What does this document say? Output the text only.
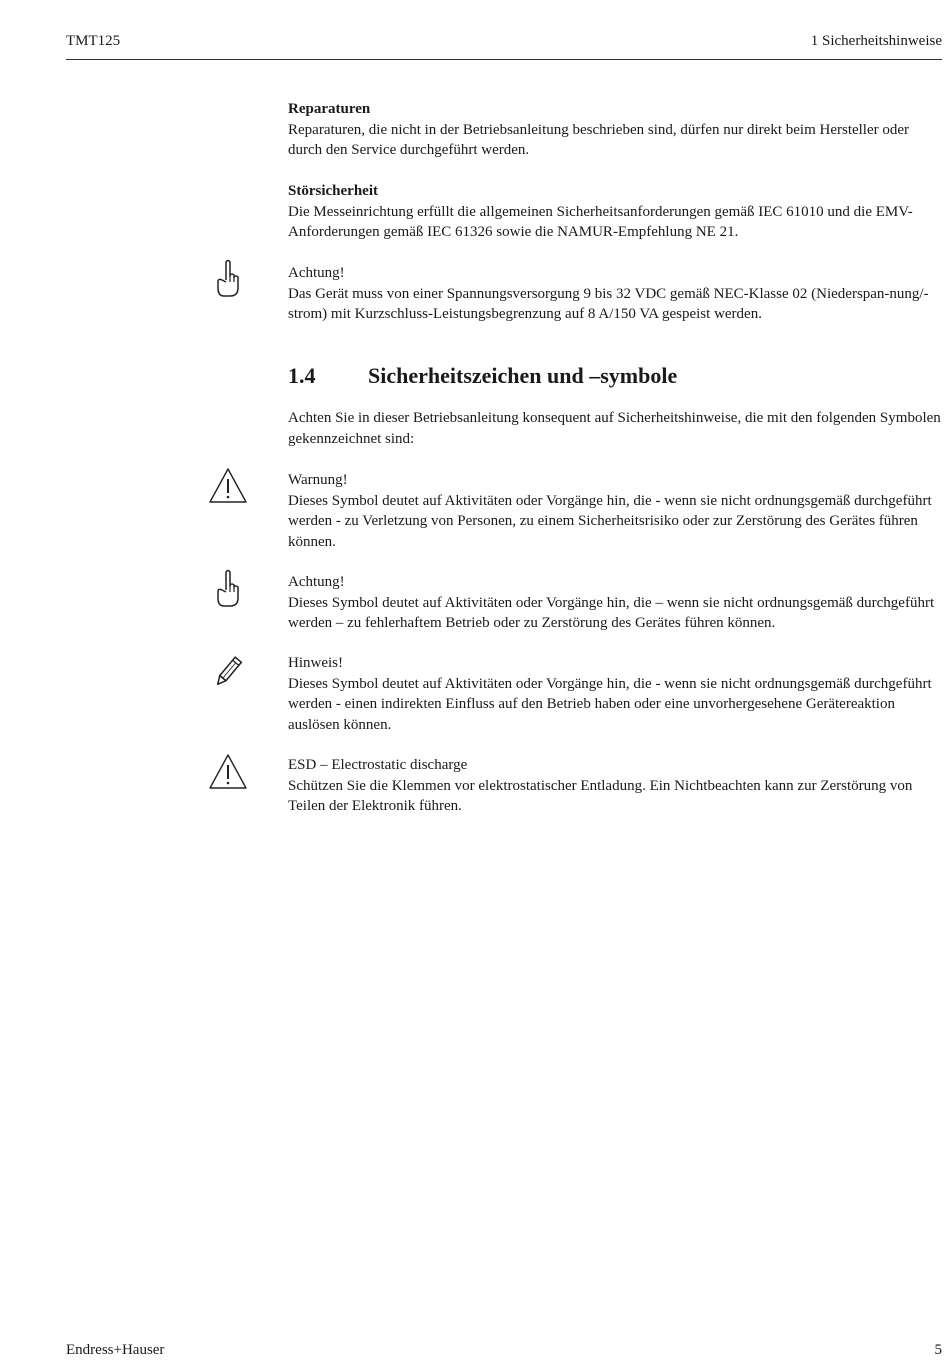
TMT125	1 Sicherheitshinweise

Reparaturen

Reparaturen, die nicht in der Betriebsanleitung beschrieben sind, dürfen nur direkt beim Hersteller oder durch den Service durchgeführt werden.

Störsicherheit

Die Messeinrichtung erfüllt die allgemeinen Sicherheitsanforderungen gemäß IEC 61010 und die EMV-Anforderungen gemäß IEC 61326 sowie die NAMUR-Empfehlung NE 21.

Achtung!

Das Gerät muss von einer Spannungsversorgung 9 bis 32 VDC gemäß NEC-Klasse 02 (Niederspan-nung/-strom) mit Kurzschluss-Leistungsbegrenzung auf 8 A/150 VA gespeist werden.

1.4 Sicherheitszeichen und –symbole

Achten Sie in dieser Betriebsanleitung konsequent auf Sicherheitshinweise, die mit den folgenden Symbolen gekennzeichnet sind:

Warnung!

Dieses Symbol deutet auf Aktivitäten oder Vorgänge hin, die - wenn sie nicht ordnungsgemäß durchgeführt werden - zu Verletzung von Personen, zu einem Sicherheitsrisiko oder zur Zerstörung des Gerätes führen können.

Achtung!

Dieses Symbol deutet auf Aktivitäten oder Vorgänge hin, die – wenn sie nicht ordnungsgemäß durchgeführt werden – zu fehlerhaftem Betrieb oder zu Zerstörung des Gerätes führen können.

Hinweis!

Dieses Symbol deutet auf Aktivitäten oder Vorgänge hin, die - wenn sie nicht ordnungsgemäß durchgeführt werden - einen indirekten Einfluss auf den Betrieb haben oder eine unvorhergesehene Gerätereaktion auslösen können.

ESD – Electrostatic discharge

Schützen Sie die Klemmen vor elektrostatischer Entladung. Ein Nichtbeachten kann zur Zerstörung von Teilen der Elektronik führen.

Endress+Hauser	5
